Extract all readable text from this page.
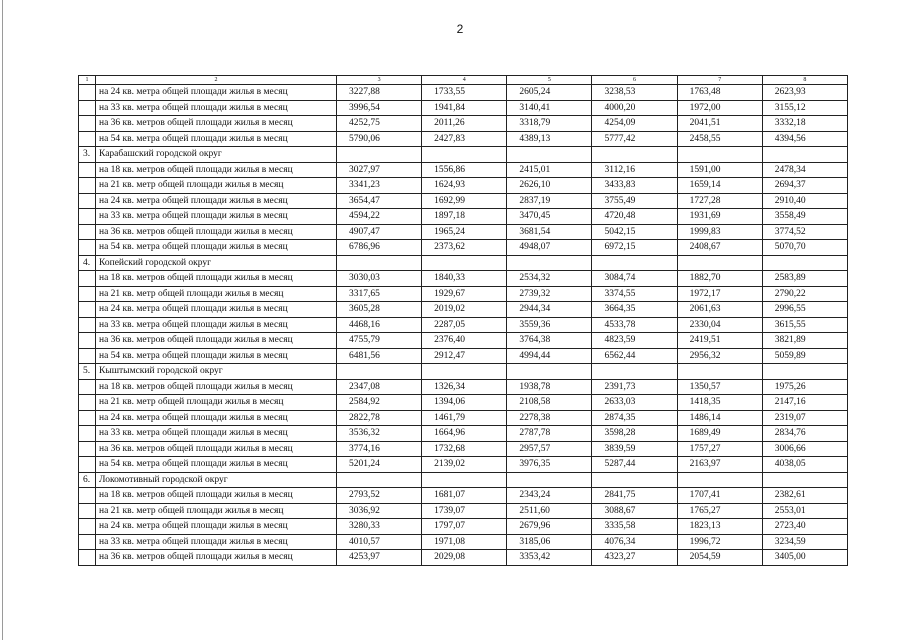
2
1	2	3	4	5	6	7	8
	на 24 кв. метра общей площади жилья в месяц	3227,88	1733,55	2605,24	3238,53	1763,48	2623,93
	на 33 кв. метра общей площади жилья в месяц	3996,54	1941,84	3140,41	4000,20	1972,00	3155,12
	на 36 кв. метров общей площади жилья в месяц	4252,75	2011,26	3318,79	4254,09	2041,51	3332,18
	на 54 кв. метра общей площади жилья в месяц	5790,06	2427,83	4389,13	5777,42	2458,55	4394,56
3.	Карабашский городской округ						
	на 18 кв. метров общей площади жилья в месяц	3027,97	1556,86	2415,01	3112,16	1591,00	2478,34
	на 21 кв. метр общей площади жилья в месяц	3341,23	1624,93	2626,10	3433,83	1659,14	2694,37
	на 24 кв. метра общей площади жилья в месяц	3654,47	1692,99	2837,19	3755,49	1727,28	2910,40
	на 33 кв. метра общей площади жилья в месяц	4594,22	1897,18	3470,45	4720,48	1931,69	3558,49
	на 36 кв. метров общей площади жилья в месяц	4907,47	1965,24	3681,54	5042,15	1999,83	3774,52
	на 54 кв. метра общей площади жилья в месяц	6786,96	2373,62	4948,07	6972,15	2408,67	5070,70
4.	Копейский городской округ						
	на 18 кв. метров общей площади жилья в месяц	3030,03	1840,33	2534,32	3084,74	1882,70	2583,89
	на 21 кв. метр общей площади жилья в месяц	3317,65	1929,67	2739,32	3374,55	1972,17	2790,22
	на 24 кв. метра общей площади жилья в месяц	3605,28	2019,02	2944,34	3664,35	2061,63	2996,55
	на 33 кв. метра общей площади жилья в месяц	4468,16	2287,05	3559,36	4533,78	2330,04	3615,55
	на 36 кв. метров общей площади жилья в месяц	4755,79	2376,40	3764,38	4823,59	2419,51	3821,89
	на 54 кв. метра общей площади жилья в месяц	6481,56	2912,47	4994,44	6562,44	2956,32	5059,89
5.	Кыштымский городской округ						
	на 18 кв. метров общей площади жилья в месяц	2347,08	1326,34	1938,78	2391,73	1350,57	1975,26
	на 21 кв. метр общей площади жилья в месяц	2584,92	1394,06	2108,58	2633,03	1418,35	2147,16
	на 24 кв. метра общей площади жилья в месяц	2822,78	1461,79	2278,38	2874,35	1486,14	2319,07
	на 33 кв. метра общей площади жилья в месяц	3536,32	1664,96	2787,78	3598,28	1689,49	2834,76
	на 36 кв. метров общей площади жилья в месяц	3774,16	1732,68	2957,57	3839,59	1757,27	3006,66
	на 54 кв. метра общей площади жилья в месяц	5201,24	2139,02	3976,35	5287,44	2163,97	4038,05
6.	Локомотивный городской округ						
	на 18 кв. метров общей площади жилья в месяц	2793,52	1681,07	2343,24	2841,75	1707,41	2382,61
	на 21 кв. метр общей площади жилья в месяц	3036,92	1739,07	2511,60	3088,67	1765,27	2553,01
	на 24 кв. метра общей площади жилья в месяц	3280,33	1797,07	2679,96	3335,58	1823,13	2723,40
	на 33 кв. метра общей площади жилья в месяц	4010,57	1971,08	3185,06	4076,34	1996,72	3234,59
	на 36 кв. метров общей площади жилья в месяц	4253,97	2029,08	3353,42	4323,27	2054,59	3405,00
